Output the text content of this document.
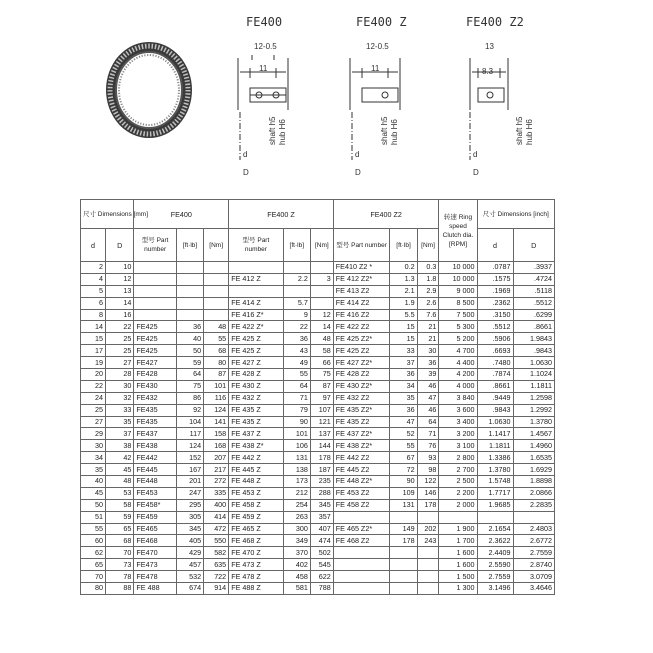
FE400	FE400 Z	FE400 Z2
12-0.5
11
12-0.5
11
13
8.3
shaft h5 hub H6	shaft h5 hub H6	shaft h5 hub H6
d
D
d
D
d
D
尺寸 Dimensions [mm]		FE400			FE400 Z			FE400 Z2			转速 Ring speed Clutch dia. [RPM]	尺寸 Dimensions [inch]	
d	D	型号 Part number	[ft·lb]	[Nm]	型号 Part number	[ft·lb]	[Nm]	型号 Part number	[ft·lb]	[Nm]		d	D
2	10							FE410 Z2 *	0.2	0.3	10 000	.0787	.3937
4	12				FE 412 Z	2.2	3	FE 412 Z2*	1.3	1.8	10 000	.1575	.4724
5	13							FE 413 Z2	2.1	2.9	9 000	.1969	.5118
6	14				FE 414 Z	5.7		FE 414 Z2	1.9	2.6	8 500	.2362	.5512
8	16				FE 416 Z*	9	12	FE 416 Z2	5.5	7.6	7 500	.3150	.6299
14	22	FE425	36	48	FE 422 Z*	22	14	FE 422 Z2	15	21	5 300	.5512	.8661
15	25	FE425	40	55	FE 425 Z	36	48	FE 425 Z2*	15	21	5 200	.5906	1.9843
17	25	FE425	50	68	FE 425 Z	43	58	FE 425 Z2	33	30	4 700	.6693	.9843
19	27	FE427	59	80	FE 427 Z	49	66	FE 427 Z2*	37	36	4 400	.7480	1.0630
20	28	FE428	64	87	FE 428 Z	55	75	FE 428 Z2	36	39	4 200	.7874	1.1024
22	30	FE430	75	101	FE 430 Z	64	87	FE 430 Z2*	34	46	4 000	.8661	1.1811
24	32	FE432	86	116	FE 432 Z	71	97	FE 432 Z2	35	47	3 840	.9449	1.2598
25	33	FE435	92	124	FE 435 Z	79	107	FE 435 Z2*	36	46	3 600	.9843	1.2992
27	35	FE435	104	141	FE 435 Z	90	121	FE 435 Z2	47	64	3 400	1.0630	1.3780
29	37	FE437	117	158	FE 437 Z	101	137	FE 437 Z2*	52	71	3 200	1.1417	1.4567
30	38	FE438	124	168	FE 438 Z*	106	144	FE 438 Z2*	55	76	3 100	1.1811	1.4960
34	42	FE442	152	207	FE 442 Z	131	178	FE 442 Z2	67	93	2 800	1.3386	1.6535
35	45	FE445	167	217	FE 445 Z	138	187	FE 445 Z2	72	98	2 700	1.3780	1.6929
40	48	FE448	201	272	FE 448 Z	173	235	FE 448 Z2*	90	122	2 500	1.5748	1.8898
45	53	FE453	247	335	FE 453 Z	212	288	FE 453 Z2	109	146	2 200	1.7717	2.0866
50	58	FE458*	295	400	FE 458 Z	254	345	FE 458 Z2	131	178	2 000	1.9685	2.2835
51	59	FE459	305	414	FE 459 Z	263	357						
55	65	FE465	345	472	FE 465 Z	300	407	FE 465 Z2*	149	202	1 900	2.1654	2.4803
60	68	FE468	405	550	FE 468 Z	349	474	FE 468 Z2	178	243	1 700	2.3622	2.6772
62	70	FE470	429	582	FE 470 Z	370	502				1 600	2.4409	2.7559
65	73	FE473	457	635	FE 473 Z	402	545				1 600	2.5590	2.8740
70	78	FE478	532	722	FE 478 Z	458	622				1 500	2.7559	3.0709
80	88	FE 488	674	914	FE 488 Z	581	788				1 300	3.1496	3.4646
